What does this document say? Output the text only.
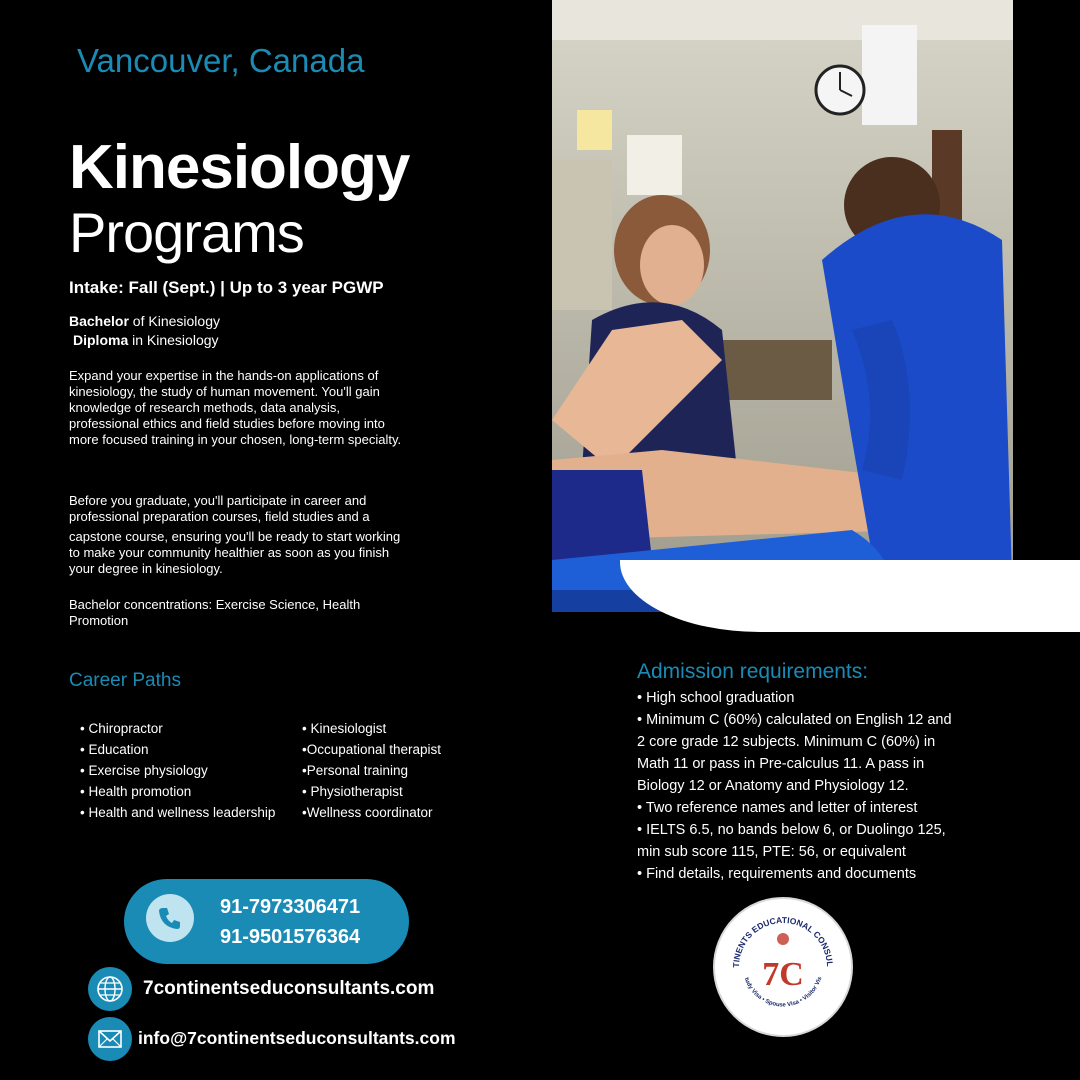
Vancouver, Canada
Kinesiology
Programs
Intake: Fall (Sept.) | Up to 3 year PGWP
Bachelor of Kinesiology
Diploma in Kinesiology
Expand your expertise in the hands-on applications of kinesiology, the study of human movement. You'll gain knowledge of research methods, data analysis, professional ethics and field studies before moving into more focused training in your chosen, long-term specialty.
Before you graduate, you'll participate in career and professional preparation courses, field studies and a
capstone course, ensuring you'll be ready to start working to make your community healthier as soon as you finish your degree in kinesiology.
Bachelor concentrations: Exercise Science, Health Promotion
Career Paths
• Chiropractor
• Education
• Exercise physiology
• Health promotion
• Health and wellness leadership
• Kinesiologist
•Occupational therapist
•Personal training
• Physiotherapist
•Wellness coordinator
Admission requirements:
• High school graduation
• Minimum C (60%) calculated on English 12 and
2 core grade 12 subjects. Minimum C (60%) in
Math 11 or pass in Pre-calculus 11. A pass in
Biology 12 or Anatomy and Physiology 12.
• Two reference names and letter of interest
• IELTS 6.5, no bands below 6, or Duolingo 125,
min sub score 115, PTE: 56, or equivalent
• Find details, requirements and documents
91-7973306471
91-9501576364
7continentseduconsultants.com
info@7continentseduconsultants.com
TINENTS EDUCATIONAL CONSUL
tudy Visa • Spouse Visa • Visitor Vis
7C
